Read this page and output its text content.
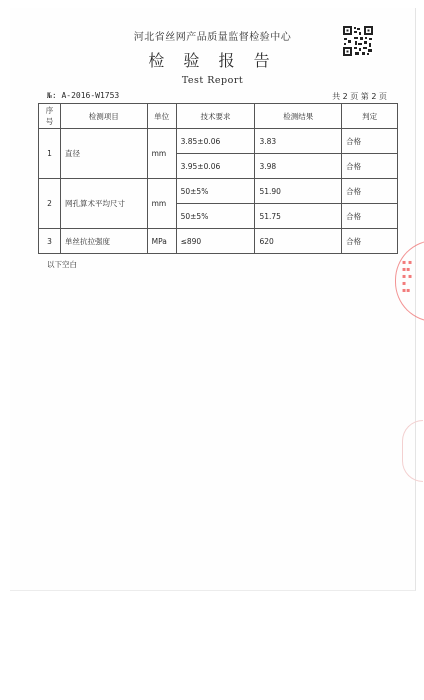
河北省丝网产品质量监督检验中心
检 验 报 告
Test Report
№: A-2016-W1753	共 2 页 第 2 页
序号	检测项目	单位	技术要求	检测结果	判定
1	直径	mm	3.85±0.06	3.83	合格
			3.95±0.06	3.98	合格
2	网孔算术平均尺寸	mm	50±5%	51.90	合格
			50±5%	51.75	合格
3	单丝抗拉强度	MPa	≤890	620	合格
以下空白	▪ ▪
▪▪
▪ ▪
▪
▪▪
